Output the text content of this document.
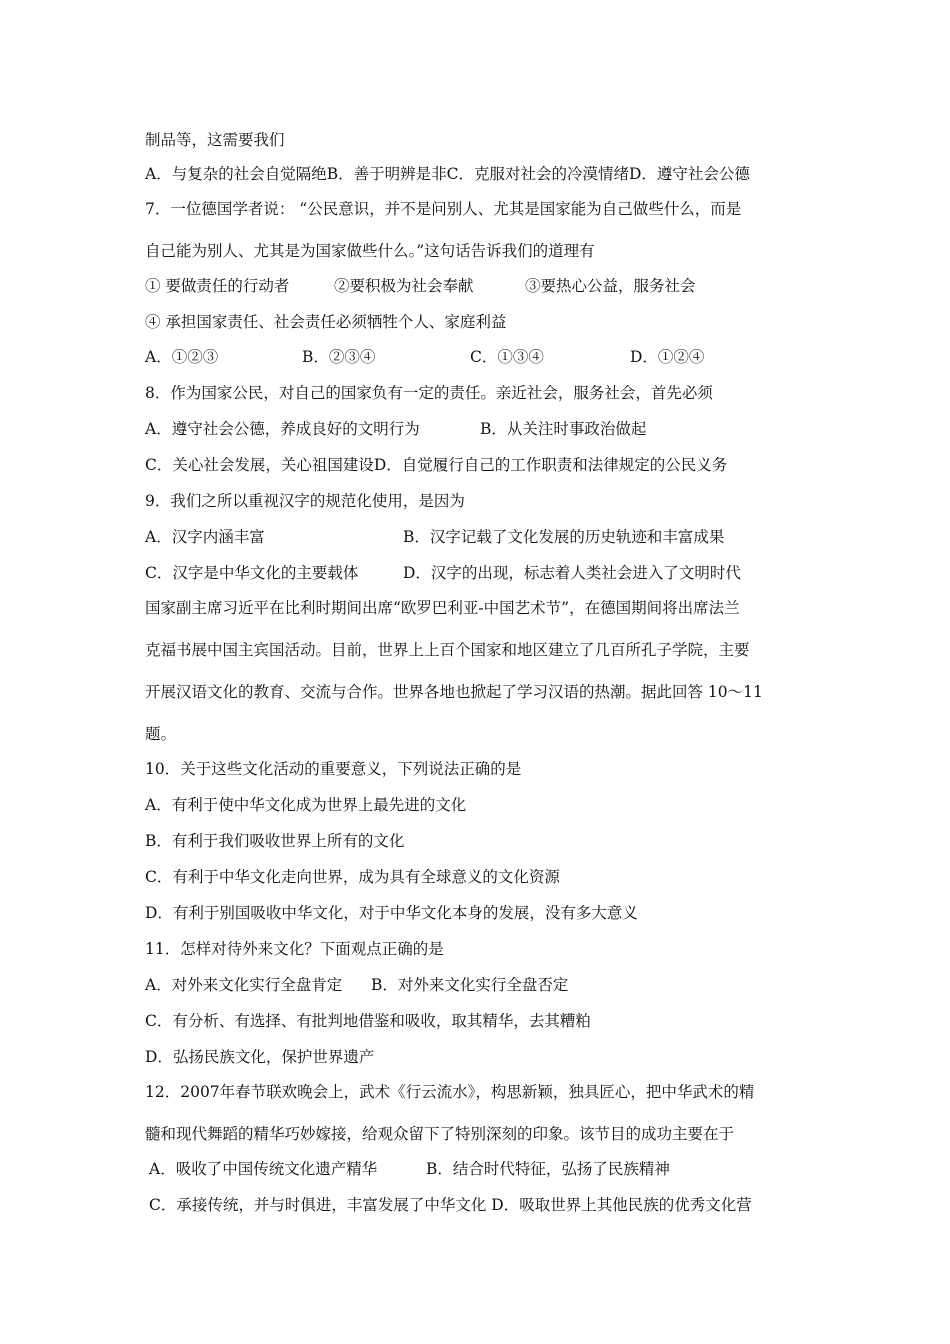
制品等，这需要我们
A．与复杂的社会自觉隔绝B．善于明辨是非C．克服对社会的冷漠情绪D．遵守社会公德
7．一位德国学者说： “公民意识，并不是问别人、尤其是国家能为自己做些什么，而是
自己能为别人、尤其是为国家做些什么。”这句话告诉我们的道理有
① 要做责任的行动者	②要积极为社会奉献	③要热心公益，服务社会
④ 承担国家责任、社会责任必须牺牲个人、家庭利益
A．①②③	B．②③④	C．①③④	D．①②④
8．作为国家公民，对自己的国家负有一定的责任。亲近社会，服务社会，首先必须
A．遵守社会公德，养成良好的文明行为	B．从关注时事政治做起
C．关心社会发展，关心祖国建设D．自觉履行自己的工作职责和法律规定的公民义务
9．我们之所以重视汉字的规范化使用，是因为
A．汉字内涵丰富	B．汉字记载了文化发展的历史轨迹和丰富成果
C．汉字是中华文化的主要载体	D．汉字的出现，标志着人类社会进入了文明时代
国家副主席习近平在比利时期间出席“欧罗巴利亚-中国艺术节”，在德国期间将出席法兰
克福书展中国主宾国活动。目前，世界上上百个国家和地区建立了几百所孔子学院，主要
开展汉语文化的教育、交流与合作。世界各地也掀起了学习汉语的热潮。据此回答 10～11
题。
10．关于这些文化活动的重要意义，下列说法正确的是
A．有利于使中华文化成为世界上最先进的文化
B．有利于我们吸收世界上所有的文化
C．有利于中华文化走向世界，成为具有全球意义的文化资源
D．有利于别国吸收中华文化，对于中华文化本身的发展，没有多大意义
11．怎样对待外来文化？下面观点正确的是
A．对外来文化实行全盘肯定 B．对外来文化实行全盘否定
C．有分析、有选择、有批判地借鉴和吸收，取其精华，去其糟粕
D．弘扬民族文化，保护世界遗产
12．2007年春节联欢晚会上，武术《行云流水》，构思新颖，独具匠心，把中华武术的精
髓和现代舞蹈的精华巧妙嫁接，给观众留下了特别深刻的印象。该节目的成功主要在于
A．吸收了中国传统文化遗产精华	B．结合时代特征，弘扬了民族精神
C．承接传统，并与时俱进，丰富发展了中华文化 D．吸取世界上其他民族的优秀文化营
